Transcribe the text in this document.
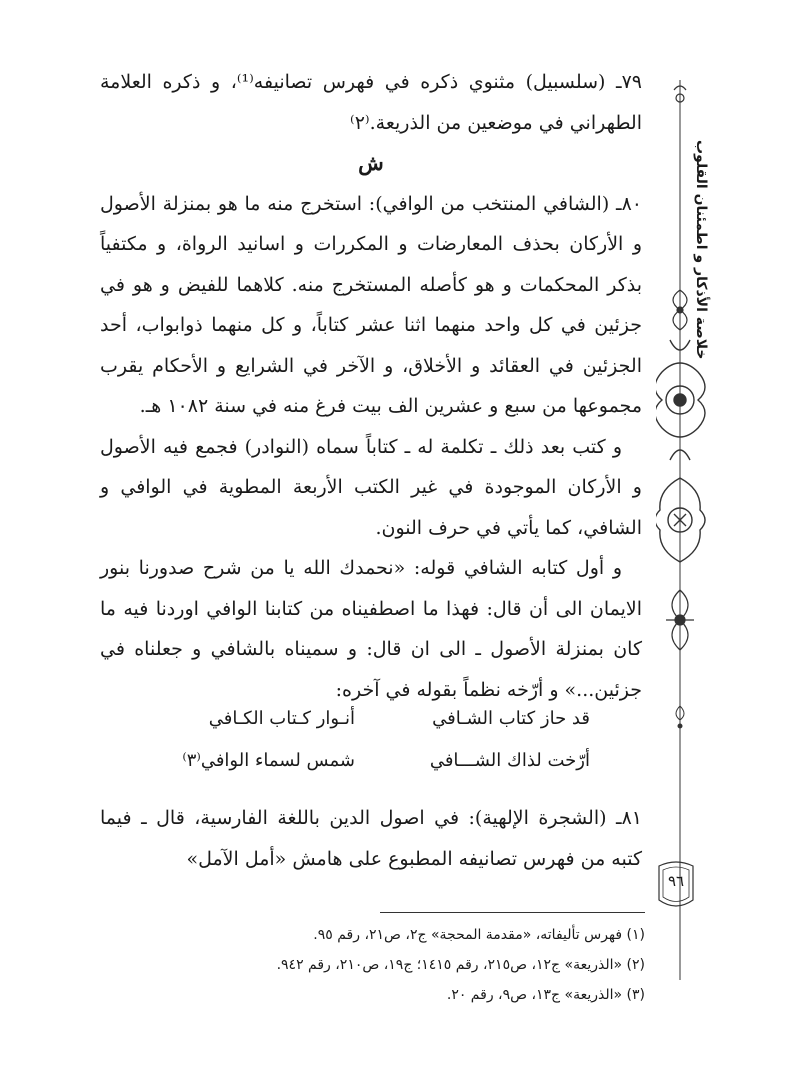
خلاصة الأذكار و اطمئنان القلوب
٩٦

٧٩ـ (سلسبيل) مثنوي ذكره في فهرس تصانيفه⁽¹⁾، و ذكره العلامة الطهراني في موضعين من الذريعة.⁽٢⁾

ش

٨٠ـ (الشافي المنتخب من الوافي): استخرج منه ما هو بمنزلة الأصول و الأركان بحذف المعارضات و المكررات و اسانيد الرواة، و مكتفياً بذكر المحكمات و هو كأصله المستخرج منه. كلاهما للفيض و هو في جزئين في كل واحد منهما اثنا عشر كتاباً، و كل منهما ذوابواب، أحد الجزئين في العقائد و الأخلاق، و الآخر في الشرايع و الأحكام يقرب مجموعها من سبع و عشرين الف بيت فرغ منه في سنة ١٠٨٢ هـ.

و كتب بعد ذلك ـ تكلمة له ـ كتاباً سماه (النوادر) فجمع فيه الأصول و الأركان الموجودة في غير الكتب الأربعة المطوية في الوافي و الشافي، كما يأتي في حرف النون.

و أول كتابه الشافي قوله: «نحمدك الله يا من شرح صدورنا بنور الايمان الى أن قال: فهذا ما اصطفيناه من كتابنا الوافي اوردنا فيه ما كان بمنزلة الأصول ـ الى ان قال: و سميناه بالشافي و جعلناه في جزئين...» و أرّخه نظماً بقوله في آخره:

قد حاز كتاب الشـافي
أنـوار كـتاب الكـافي
أرّخت لذاك الشـــافي
شمس لسماء الوافي⁽٣⁾

٨١ـ (الشجرة الإلهية): في اصول الدين باللغة الفارسية، قال ـ فيما كتبه من فهرس تصانيفه المطبوع على هامش «أمل الآمل»

(١) فهرس تأليفاته، «مقدمة المحجة» ج٢، ص٢١، رقم ٩٥.
(٢) «الذريعة» ج١٢، ص٢١٥، رقم ١٤١٥؛ ج١٩، ص٢١٠، رقم ٩٤٢.
(٣) «الذريعة» ج١٣، ص٩، رقم ٢٠.
